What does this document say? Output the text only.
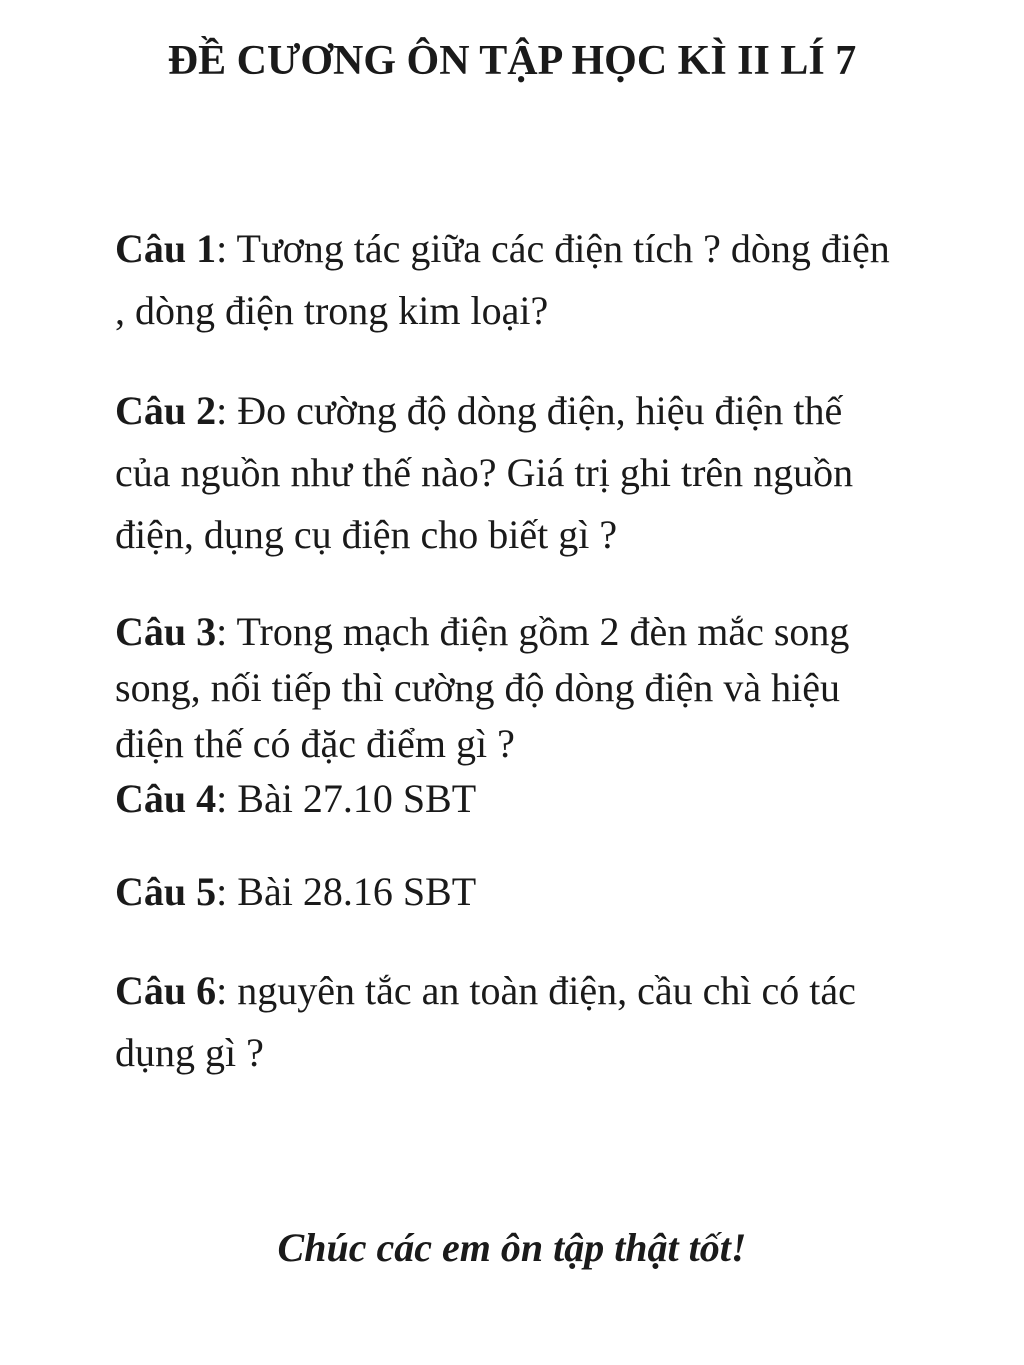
ĐỀ CƯƠNG ÔN TẬP HỌC KÌ II LÍ 7

Câu 1: Tương tác giữa các điện tích ? dòng điện , dòng điện trong kim loại?

Câu 2: Đo cường độ dòng điện, hiệu điện thế của nguồn như thế nào? Giá trị ghi trên nguồn điện, dụng cụ điện cho biết gì ?

Câu 3: Trong mạch điện gồm 2 đèn mắc song song, nối tiếp thì cường độ dòng điện và hiệu điện thế có đặc điểm gì ?

Câu 4: Bài 27.10 SBT

Câu 5: Bài 28.16 SBT

Câu 6: nguyên tắc an toàn điện, cầu chì có tác dụng gì ?

Chúc các em ôn tập thật tốt!
